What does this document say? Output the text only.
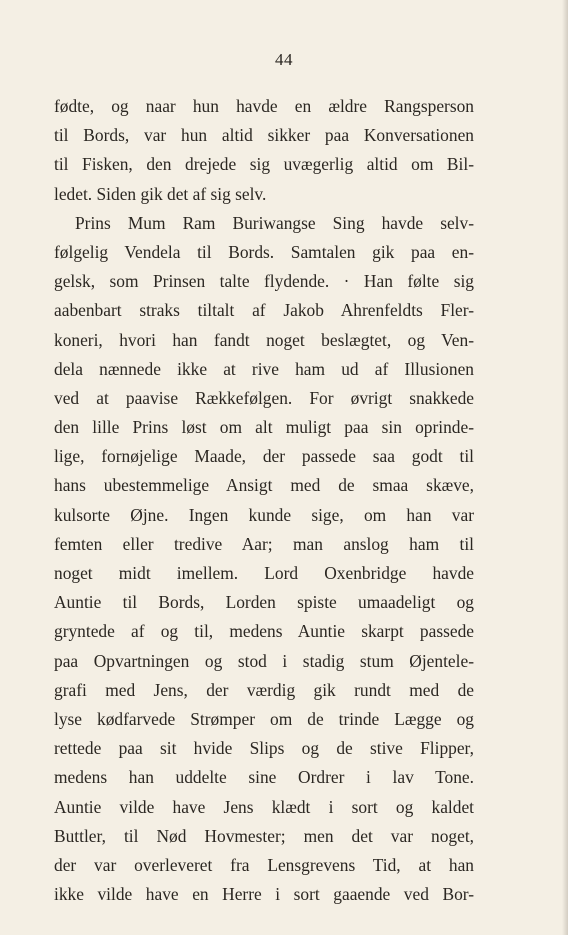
44
fødte, og naar hun havde en ældre Rangsperson
til Bords, var hun altid sikker paa Konversationen
til Fisken, den drejede sig uvægerlig altid om Bil-
ledet. Siden gik det af sig selv.
Prins Mum Ram Buriwangse Sing havde selv-
følgelig Vendela til Bords. Samtalen gik paa en-
gelsk, som Prinsen talte flydende. · Han følte sig
aabenbart straks tiltalt af Jakob Ahrenfeldts Fler-
koneri, hvori han fandt noget beslægtet, og Ven-
dela nænnede ikke at rive ham ud af Illusionen
ved at paavise Rækkefølgen. For øvrigt snakkede
den lille Prins løst om alt muligt paa sin oprinde-
lige, fornøjelige Maade, der passede saa godt til
hans ubestemmelige Ansigt med de smaa skæve,
kulsorte Øjne. Ingen kunde sige, om han var
femten eller tredive Aar; man anslog ham til
noget midt imellem. Lord Oxenbridge havde
Auntie til Bords, Lorden spiste umaadeligt og
gryntede af og til, medens Auntie skarpt passede
paa Opvartningen og stod i stadig stum Øjentele-
grafi med Jens, der værdig gik rundt med de
lyse kødfarvede Strømper om de trinde Lægge og
rettede paa sit hvide Slips og de stive Flipper,
medens han uddelte sine Ordrer i lav Tone.
Auntie vilde have Jens klædt i sort og kaldet
Buttler, til Nød Hovmester; men det var noget,
der var overleveret fra Lensgrevens Tid, at han
ikke vilde have en Herre i sort gaaende ved Bor-
